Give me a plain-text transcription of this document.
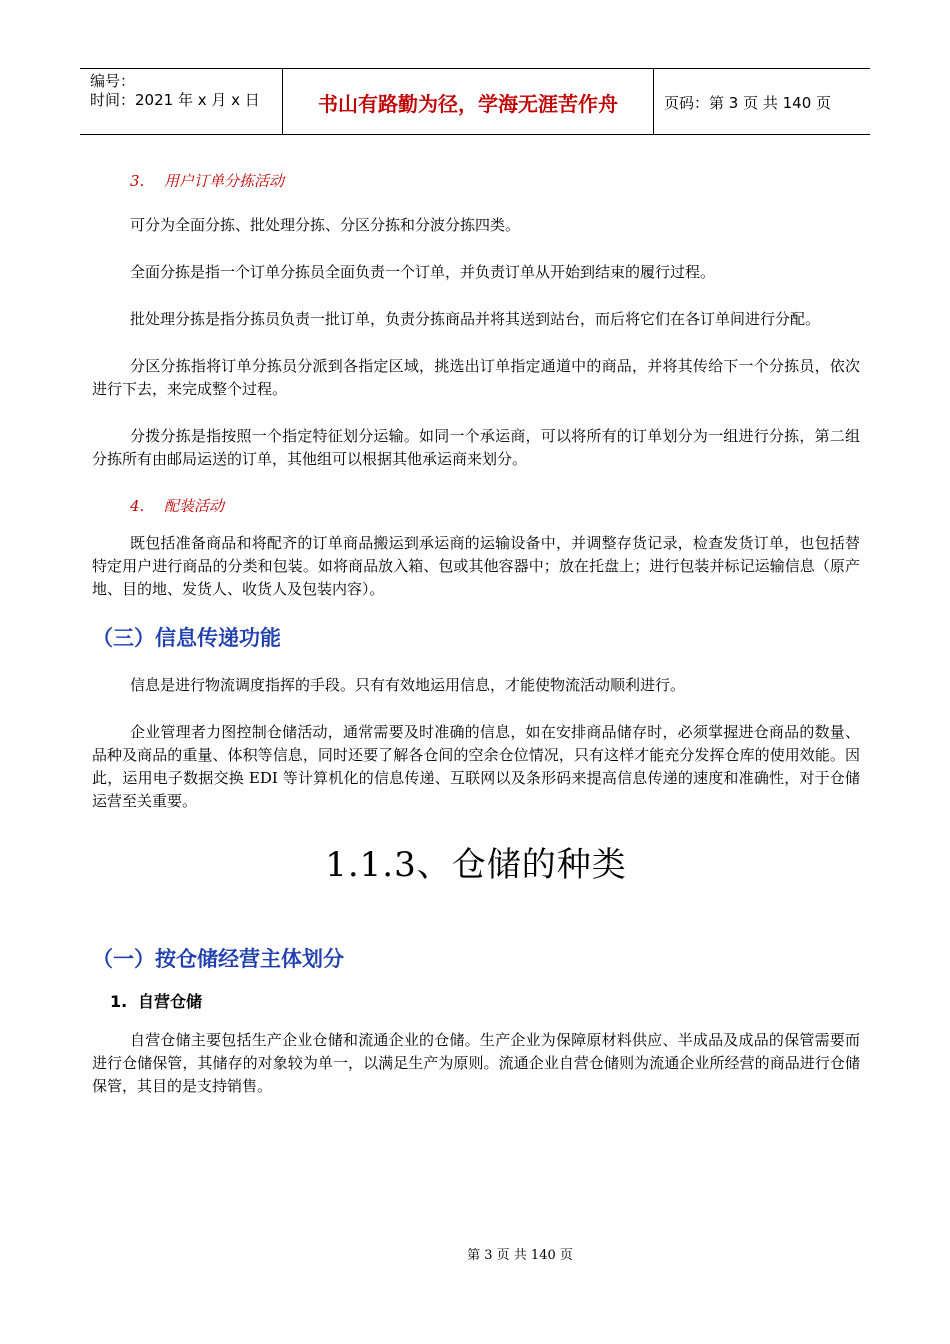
编号：
时间：2021 年 x 月 x 日	书山有路勤为径，学海无涯苦作舟	页码：第 3 页 共 140 页

3. 用户订单分拣活动

可分为全面分拣、批处理分拣、分区分拣和分波分拣四类。

全面分拣是指一个订单分拣员全面负责一个订单，并负责订单从开始到结束的履行过程。

批处理分拣是指分拣员负责一批订单，负责分拣商品并将其送到站台，而后将它们在各订单间进行分配。

分区分拣指将订单分拣员分派到各指定区域，挑选出订单指定通道中的商品，并将其传给下一个分拣员，依次进行下去，来完成整个过程。

分拨分拣是指按照一个指定特征划分运输。如同一个承运商，可以将所有的订单划分为一组进行分拣，第二组分拣所有由邮局运送的订单，其他组可以根据其他承运商来划分。

4. 配装活动

既包括准备商品和将配齐的订单商品搬运到承运商的运输设备中，并调整存货记录，检查发货订单，也包括替特定用户进行商品的分类和包装。如将商品放入箱、包或其他容器中；放在托盘上；进行包装并标记运输信息（原产地、目的地、发货人、收货人及包装内容）。

（三）信息传递功能

信息是进行物流调度指挥的手段。只有有效地运用信息，才能使物流活动顺利进行。

企业管理者力图控制仓储活动，通常需要及时准确的信息，如在安排商品储存时，必须掌握进仓商品的数量、品种及商品的重量、体积等信息，同时还要了解各仓间的空余仓位情况，只有这样才能充分发挥仓库的使用效能。因此，运用电子数据交换 EDI 等计算机化的信息传递、互联网以及条形码来提高信息传递的速度和准确性，对于仓储运营至关重要。

1.1.3、仓储的种类

（一）按仓储经营主体划分

1. 自营仓储

自营仓储主要包括生产企业仓储和流通企业的仓储。生产企业为保障原材料供应、半成品及成品的保管需要而进行仓储保管，其储存的对象较为单一，以满足生产为原则。流通企业自营仓储则为流通企业所经营的商品进行仓储保管，其目的是支持销售。

第 3 页 共 140 页
